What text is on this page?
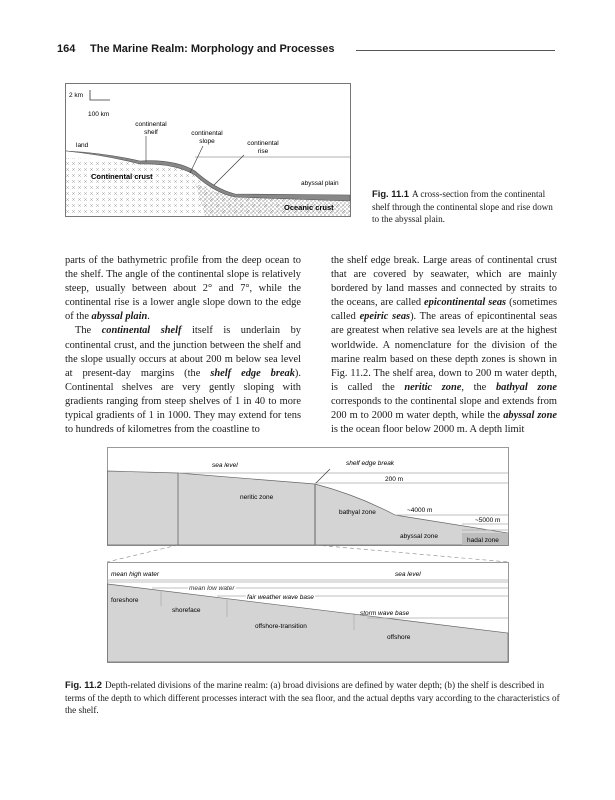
164 The Marine Realm: Morphology and Processes
2 km
100 km
land
continental
shelf	continental
slope	continental
rise
Continental crust
abyssal plain
Oceanic crust
Fig. 11.1 A cross-section from the continental shelf through the continental slope and rise down to the abyssal plain.

parts of the bathymetric profile from the deep ocean to the shelf. The angle of the continental slope is relatively steep, usually between about 2° and 7°, while the continental rise is a lower angle slope down to the edge of the abyssal plain.

The continental shelf itself is underlain by continental crust, and the junction between the shelf and the slope usually occurs at about 200 m below sea level at present-day margins (the shelf edge break). Continental shelves are very gently sloping with gradients ranging from steep shelves of 1 in 40 to more typical gradients of 1 in 1000. They may extend for tens to hundreds of kilometres from the coastline to

the shelf edge break. Large areas of continental crust that are covered by seawater, which are mainly bordered by land masses and connected by straits to the oceans, are called epicontinental seas (sometimes called epeiric seas). The areas of epicontinental seas are greatest when relative sea levels are at the highest worldwide. A nomenclature for the division of the marine realm based on these depth zones is shown in Fig. 11.2. The shelf area, down to 200 m water depth, is called the neritic zone, the bathyal zone corresponds to the continental slope and extends from 200 m to 2000 m water depth, while the abyssal zone is the ocean floor below 2000 m. A depth limit

sea level	shelf edge break
200 m
neritic zone
bathyal zone	~4000 m
~5000 m
abyssal zone
hadal zone
mean high water	sea level
mean low water
foreshore
shoreface
fair weather wave base
storm wave base
offshore-transition
offshore
Fig. 11.2 Depth-related divisions of the marine realm: (a) broad divisions are defined by water depth; (b) the shelf is described in terms of the depth to which different processes interact with the sea floor, and the actual depths vary according to the characteristics of the shelf.
